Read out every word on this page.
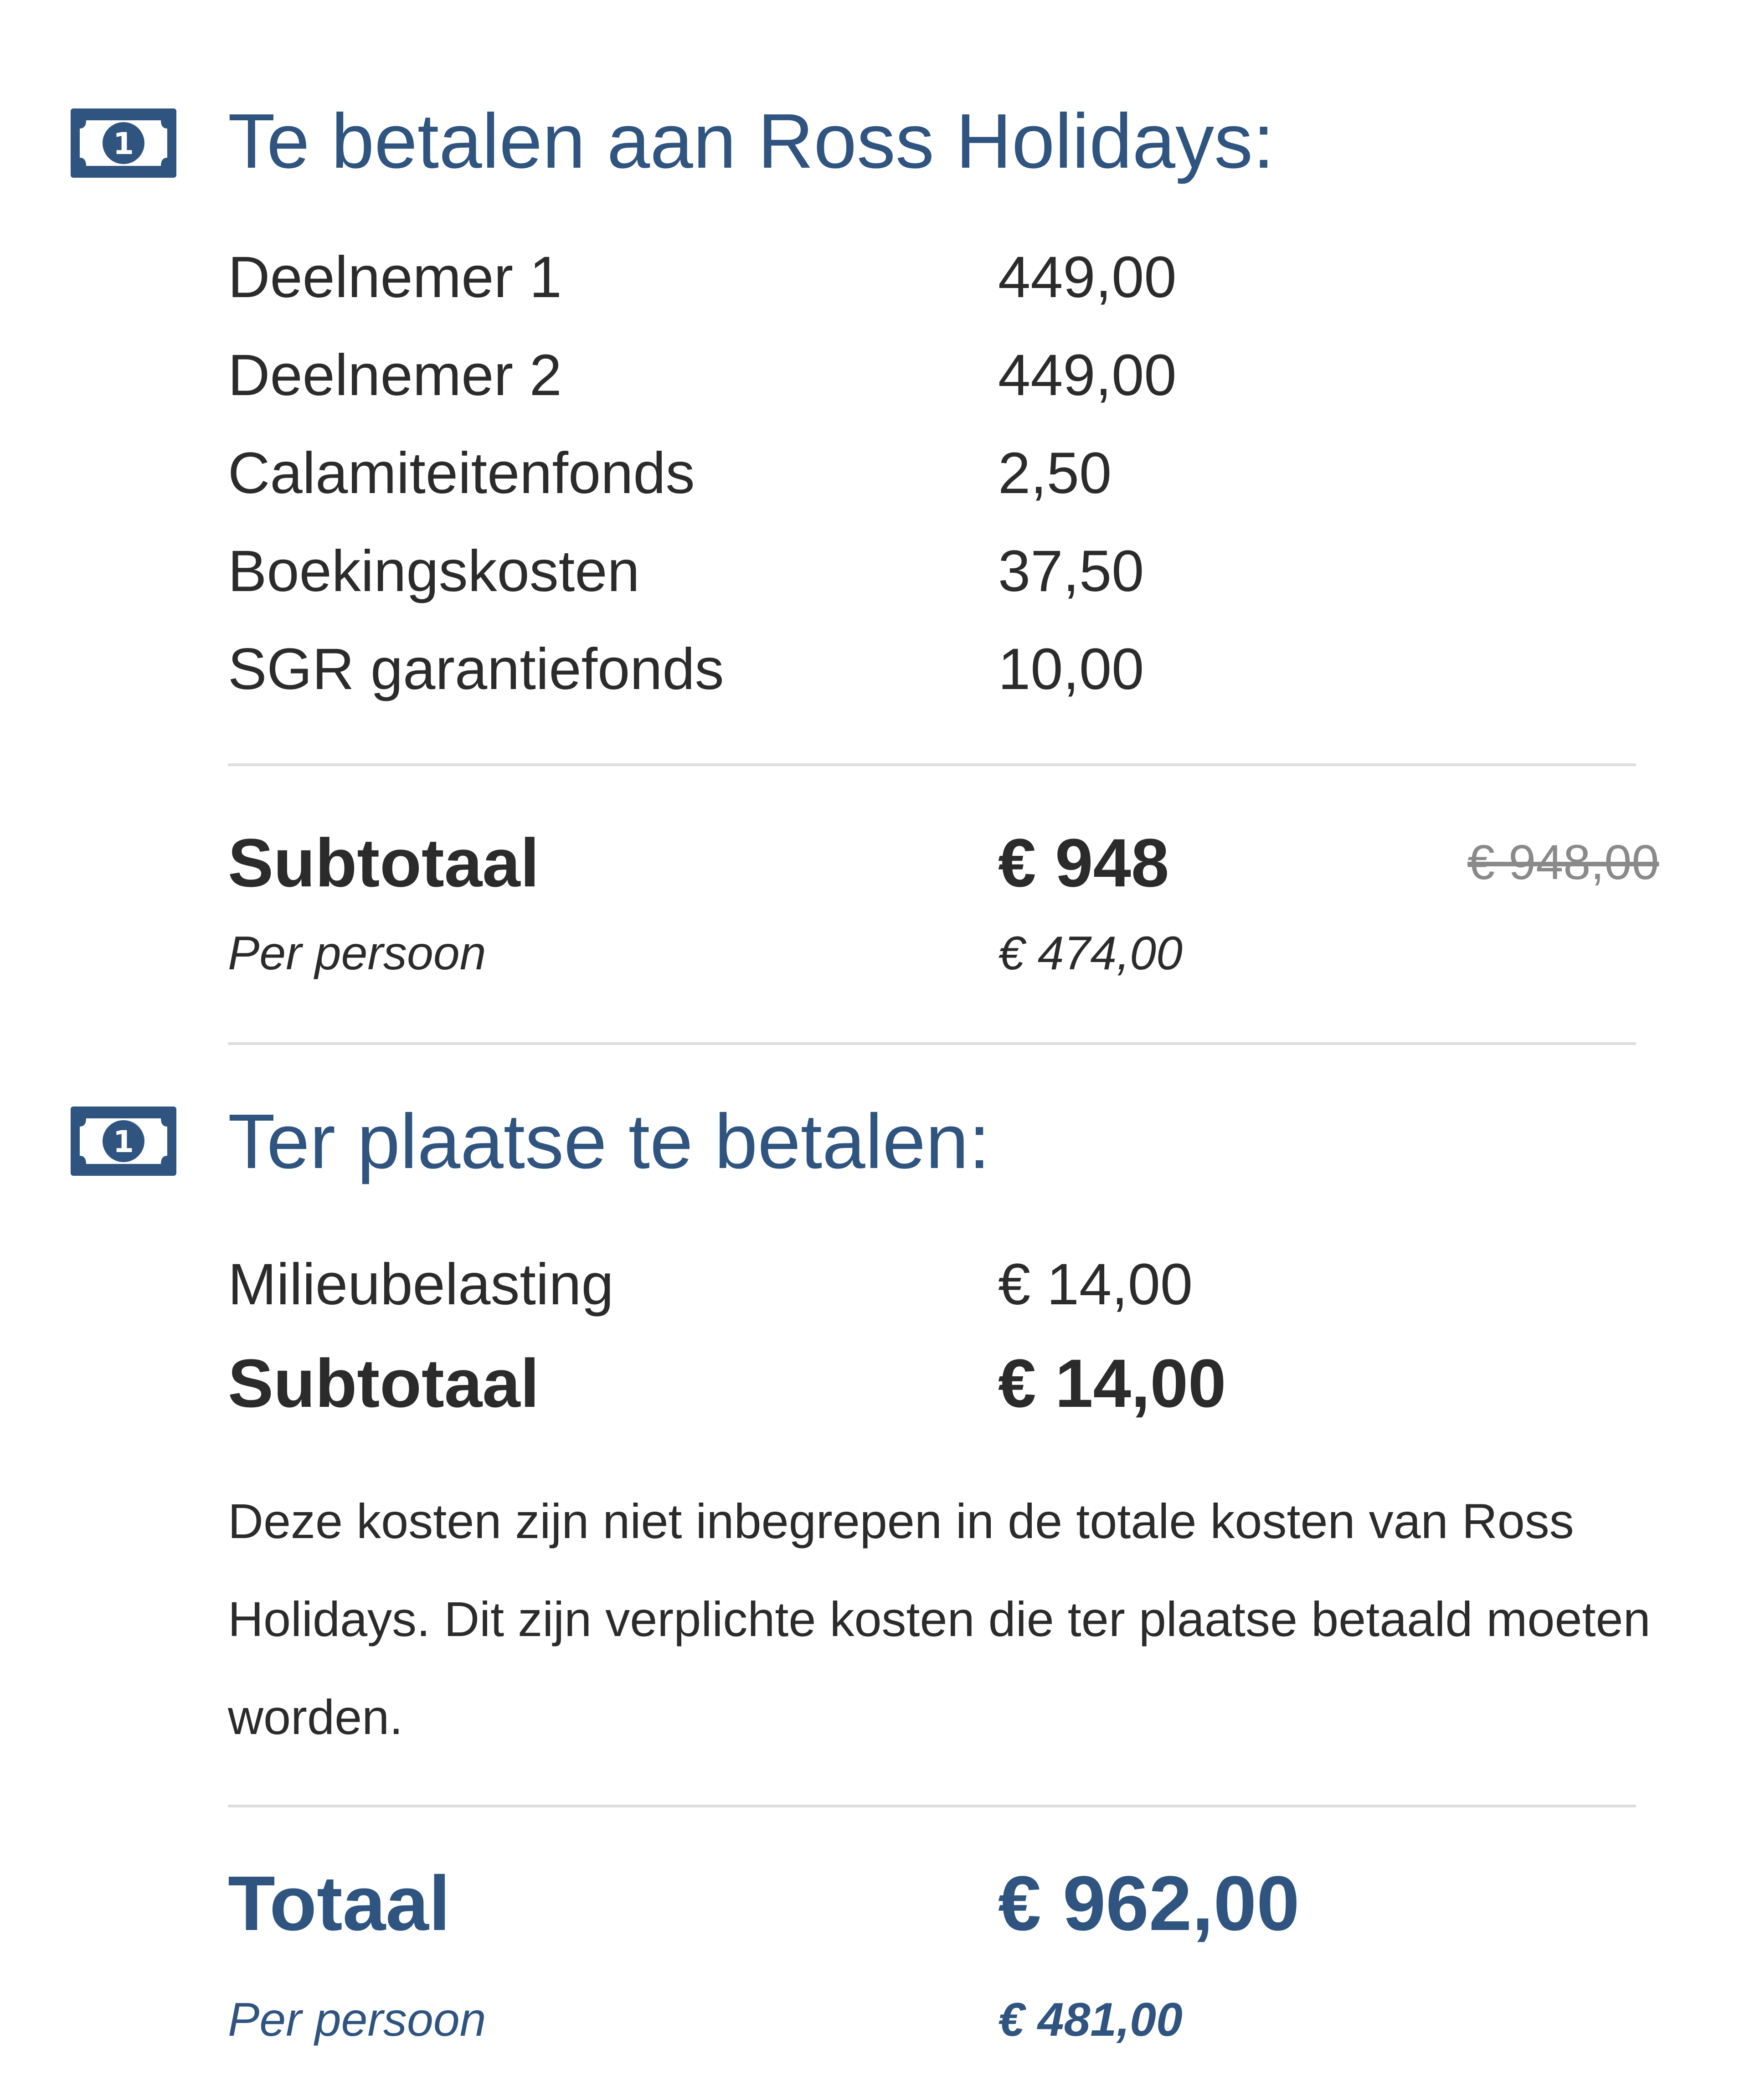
1 Te betalen aan Ross Holidays:
Deelnemer 1	449,00
Deelnemer 2	449,00
Calamiteitenfonds	2,50
Boekingskosten	37,50
SGR garantiefonds	10,00
Subtotaal	€ 948	€ 948,00
Per persoon	€ 474,00
1 Ter plaatse te betalen:
Milieubelasting	€ 14,00
Subtotaal	€ 14,00
Deze kosten zijn niet inbegrepen in de totale kosten van Ross Holidays. Dit zijn verplichte kosten die ter plaatse betaald moeten worden.
Totaal	€ 962,00
Per persoon	€ 481,00
